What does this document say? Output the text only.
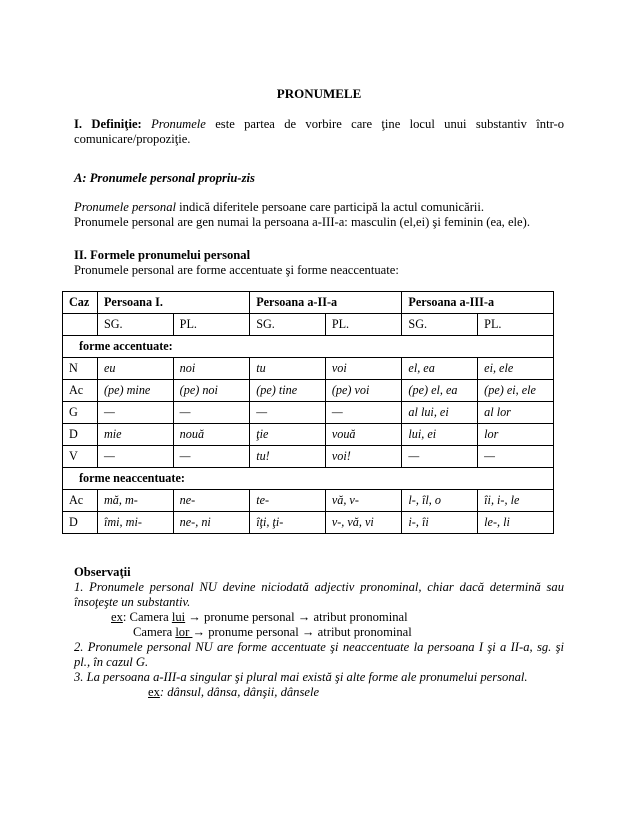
PRONUMELE

I. Definiţie: Pronumele este partea de vorbire care ţine locul unui substantiv într-o comunicare/propoziţie.

A: Pronumele personal propriu-zis

Pronumele personal indică diferitele persoane care participă la actul comunicării.

Pronumele personal are gen numai la persoana a-III-a: masculin (el,ei) şi feminin (ea, ele).

II. Formele pronumelui personal

Pronumele personal are forme accentuate şi forme neaccentuate:

Caz	Persoana I.		Persoana a-II-a		Persoana a-III-a	
	SG.	PL.	SG.	PL.	SG.	PL.
forme accentuate:						
N	eu	noi	tu	voi	el, ea	ei, ele
Ac	(pe) mine	(pe) noi	(pe) tine	(pe) voi	(pe) el, ea	(pe) ei, ele
G	—	—	—	—	al lui, ei	al lor
D	mie	nouă	ţie	vouă	lui, ei	lor
V	—	—	tu!	voi!	—	—
forme neaccentuate:						
Ac	mă, m-	ne-	te-	vă, v-	l-, îl, o	îi, i-, le
D	îmi, mi-	ne-, ni	îţi, ţi-	v-, vă, vi	i-, îi	le-, li

Observaţii

1. Pronumele personal NU devine niciodată adjectiv pronominal, chiar dacă determină sau însoţeşte un substantiv.

ex: Camera lui → pronume personal → atribut pronominal

Camera lor → pronume personal → atribut pronominal

2. Pronumele personal NU are forme accentuate şi neaccentuate la persoana I şi a II-a, sg. şi pl., în cazul G.

3. La persoana a-III-a singular şi plural mai există şi alte forme ale pronumelui personal.

ex: dânsul, dânsa, dânşii, dânsele
